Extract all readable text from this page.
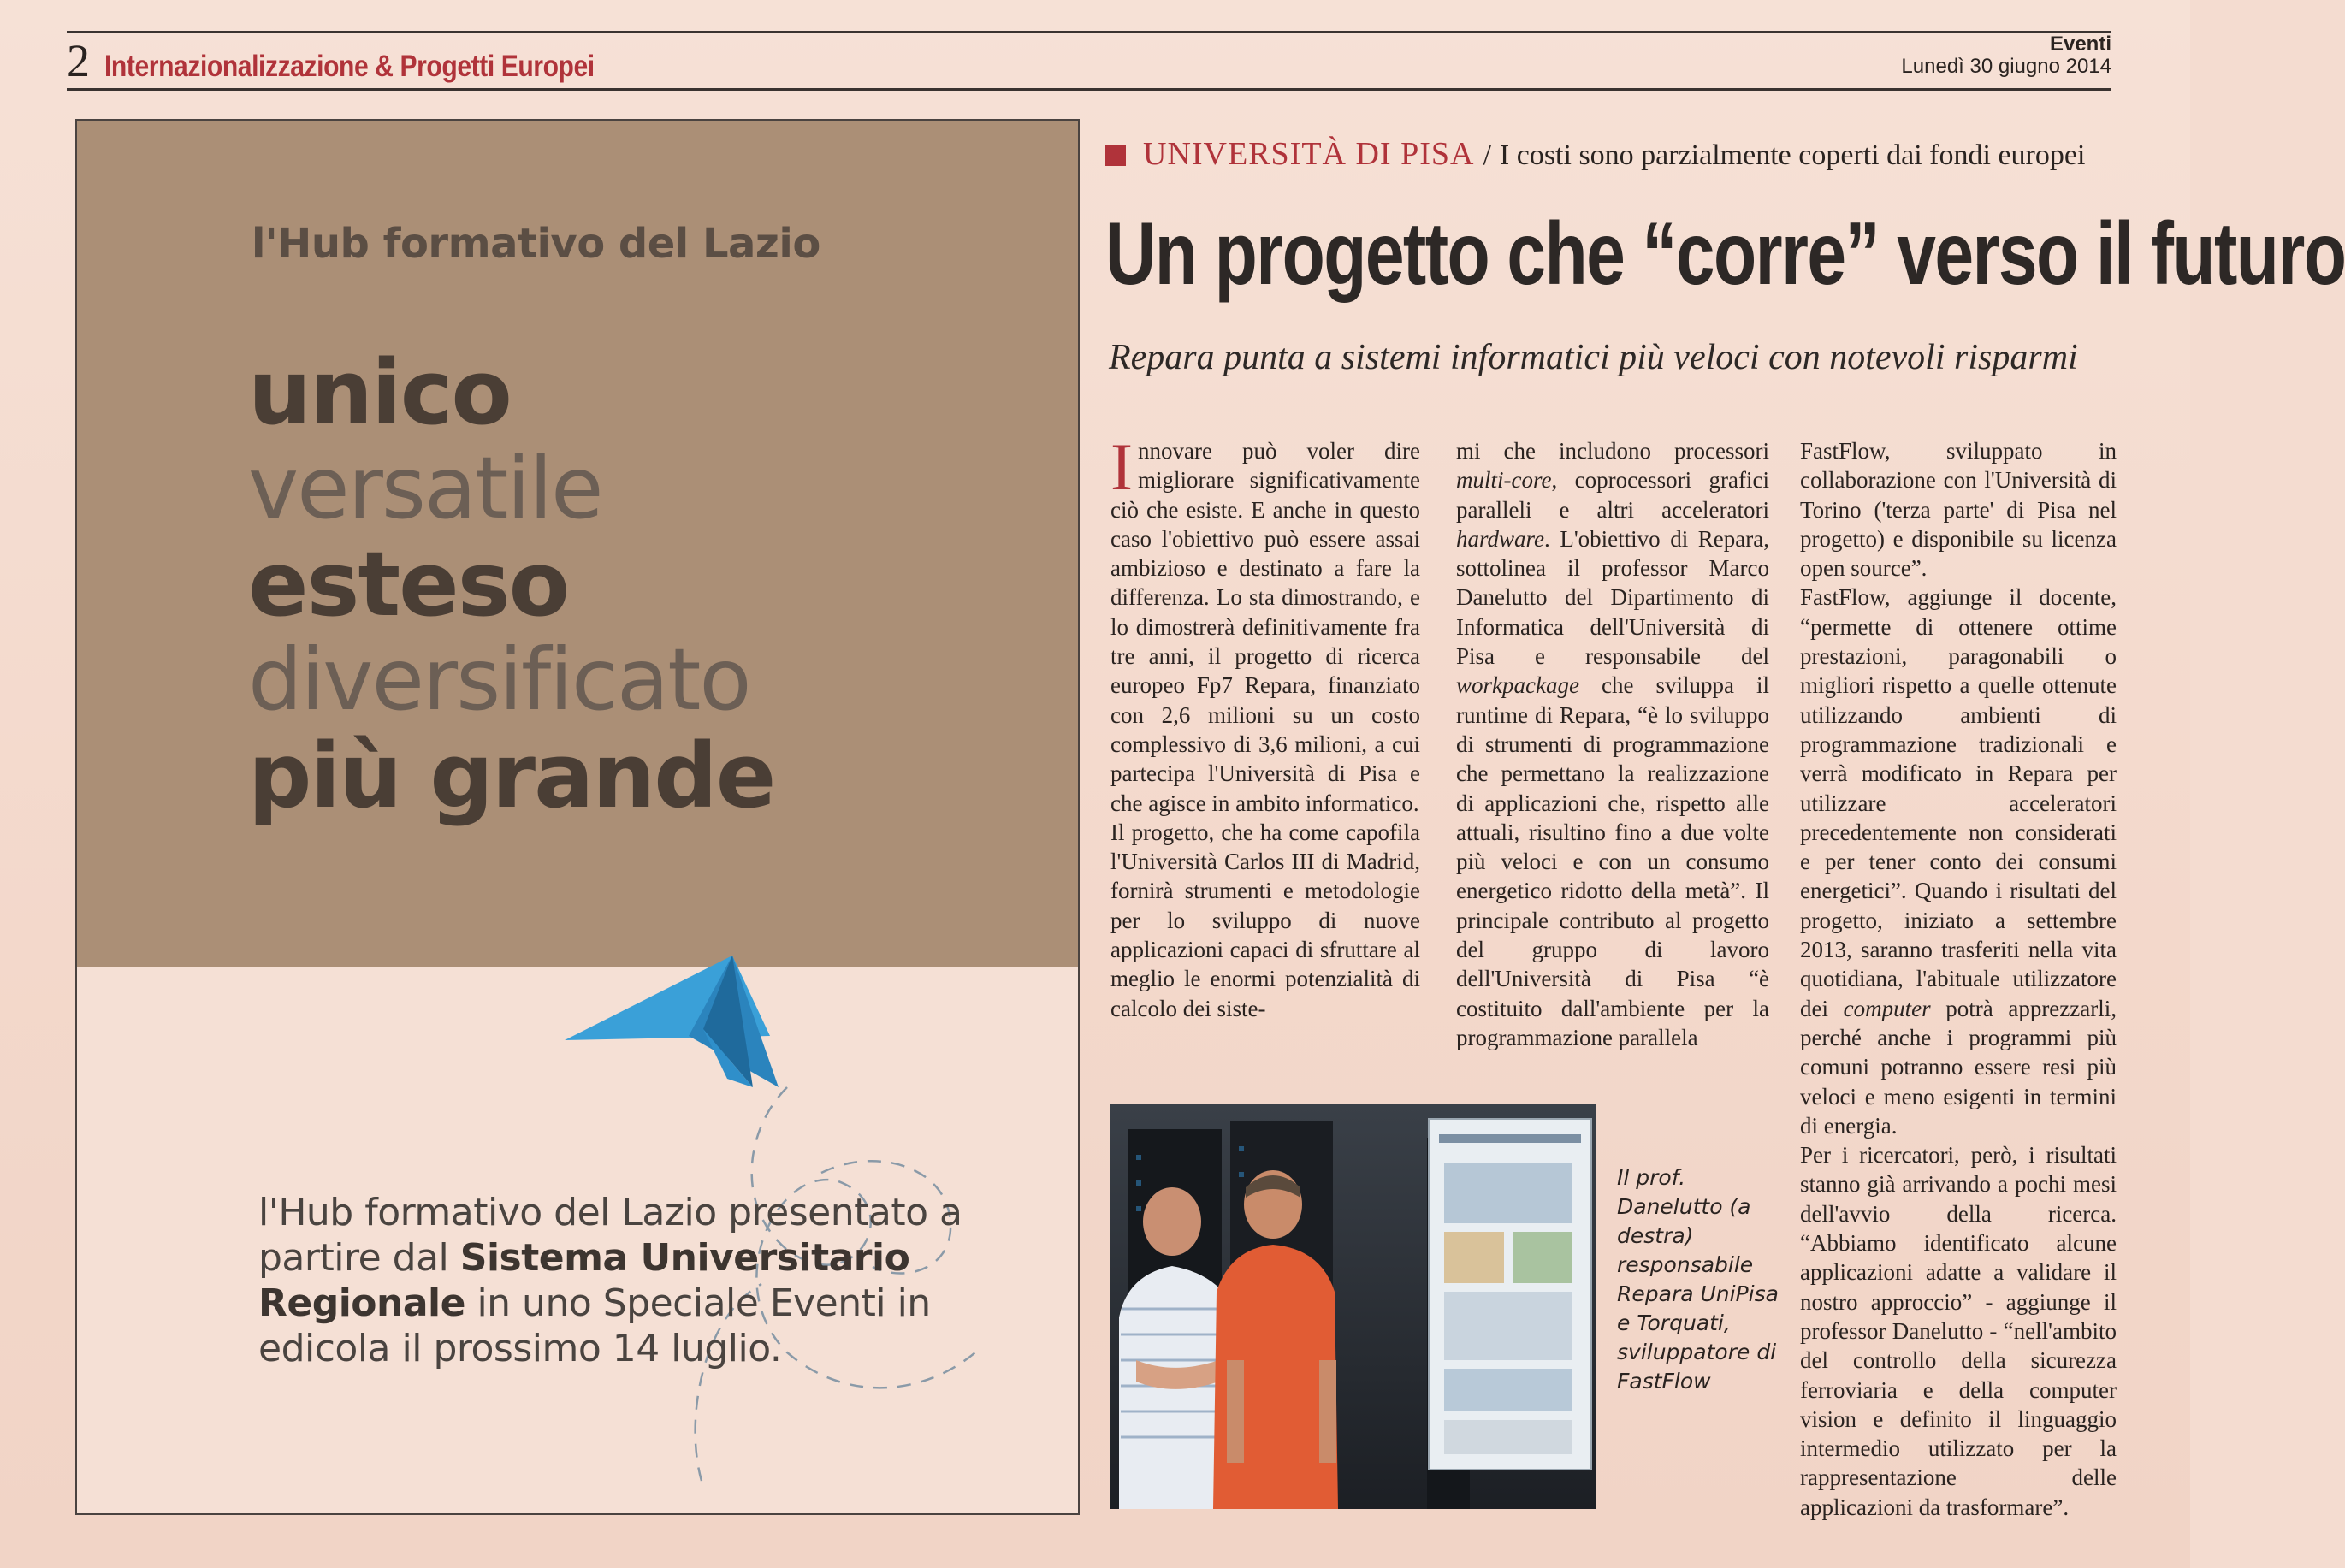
2 Internazionalizzazione & Progetti Europei
Eventi
Lunedì 30 giugno 2014
l'Hub formativo del Lazio
unico
versatile
esteso
diversificato
più grande
l'Hub formativo del Lazio presentato a partire dal Sistema Universitario Regionale in uno Speciale Eventi in edicola il prossimo 14 luglio.
UNIVERSITÀ DI PISA / I costi sono parzialmente coperti dai fondi europei
Un progetto che “corre” verso il futuro
Repara punta a sistemi informatici più veloci con notevoli risparmi

Innovare può voler dire migliorare significativamente ciò che esiste. E anche in questo caso l'obiettivo può essere assai ambizioso e destinato a fare la differenza. Lo sta dimostrando, e lo dimostrerà definitivamente fra tre anni, il progetto di ricerca europeo Fp7 Repara, finanziato con 2,6 milioni su un costo complessivo di 3,6 milioni, a cui partecipa l'Università di Pisa e che agisce in ambito informatico.

Il progetto, che ha come capofila l'Università Carlos III di Madrid, fornirà strumenti e metodologie per lo sviluppo di nuove applicazioni capaci di sfruttare al meglio le enormi potenzialità di calcolo dei siste-

mi che includono processori multi-core, coprocessori grafici paralleli e altri acceleratori hardware. L'obiettivo di Repara, sottolinea il professor Marco Danelutto del Dipartimento di Informatica dell'Università di Pisa e responsabile del workpackage che sviluppa il runtime di Repara, “è lo sviluppo di strumenti di programmazione che permettano la realizzazione di applicazioni che, rispetto alle attuali, risultino fino a due volte più veloci e con un consumo energetico ridotto della metà”. Il principale contributo al progetto del gruppo di lavoro dell'Università di Pisa “è costituito dall'ambiente per la programmazione parallela

FastFlow, sviluppato in collaborazione con l'Università di Torino ('terza parte' di Pisa nel progetto) e disponibile su licenza open source”.

FastFlow, aggiunge il docente, “permette di ottenere ottime prestazioni, paragonabili o migliori rispetto a quelle ottenute utilizzando ambienti di programmazione tradizionali e verrà modificato in Repara per utilizzare acceleratori precedentemente non considerati e per tener conto dei consumi energetici”. Quando i risultati del progetto, iniziato a settembre 2013, saranno trasferiti nella vita quotidiana, l'abituale utilizzatore dei computer potrà apprezzarli, perché anche i programmi più comuni potranno essere resi più veloci e meno esigenti in termini di energia.

Per i ricercatori, però, i risultati stanno già arrivando a pochi mesi dell'avvio della ricerca. “Abbiamo identificato alcune applicazioni adatte a validare il nostro approccio” - aggiunge il professor Danelutto - “nell'ambito del controllo della sicurezza ferroviaria e della computer vision e definito il linguaggio intermedio utilizzato per la rappresentazione delle applicazioni da trasformare”.

Il prof. Danelutto (a destra) responsabile Repara UniPisa e Torquati, sviluppatore di FastFlow
